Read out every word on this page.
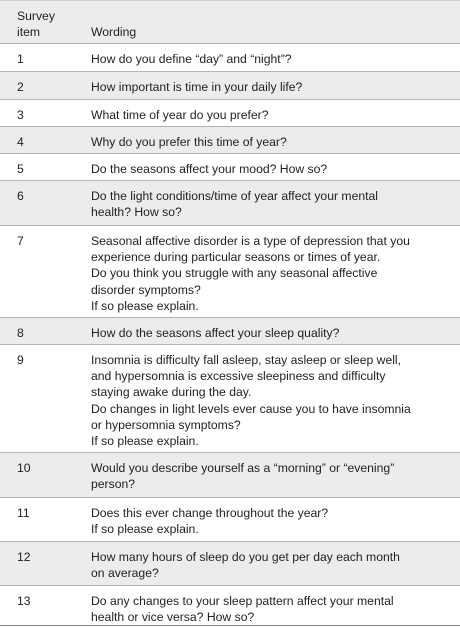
Survey
item	Wording
1	How do you define “day” and “night”?
2	How important is time in your daily life?
3	What time of year do you prefer?
4	Why do you prefer this time of year?
5	Do the seasons affect your mood? How so?
6	Do the light conditions/time of year affect your mental
health? How so?
7	Seasonal affective disorder is a type of depression that you
experience during particular seasons or times of year.
Do you think you struggle with any seasonal affective
disorder symptoms?
If so please explain.
8	How do the seasons affect your sleep quality?
9	Insomnia is difficulty fall asleep, stay asleep or sleep well,
and hypersomnia is excessive sleepiness and difficulty
staying awake during the day.
Do changes in light levels ever cause you to have insomnia
or hypersomnia symptoms?
If so please explain.
10	Would you describe yourself as a “morning” or “evening”
person?
11	Does this ever change throughout the year?
If so please explain.
12	How many hours of sleep do you get per day each month
on average?
13	Do any changes to your sleep pattern affect your mental
health or vice versa? How so?
